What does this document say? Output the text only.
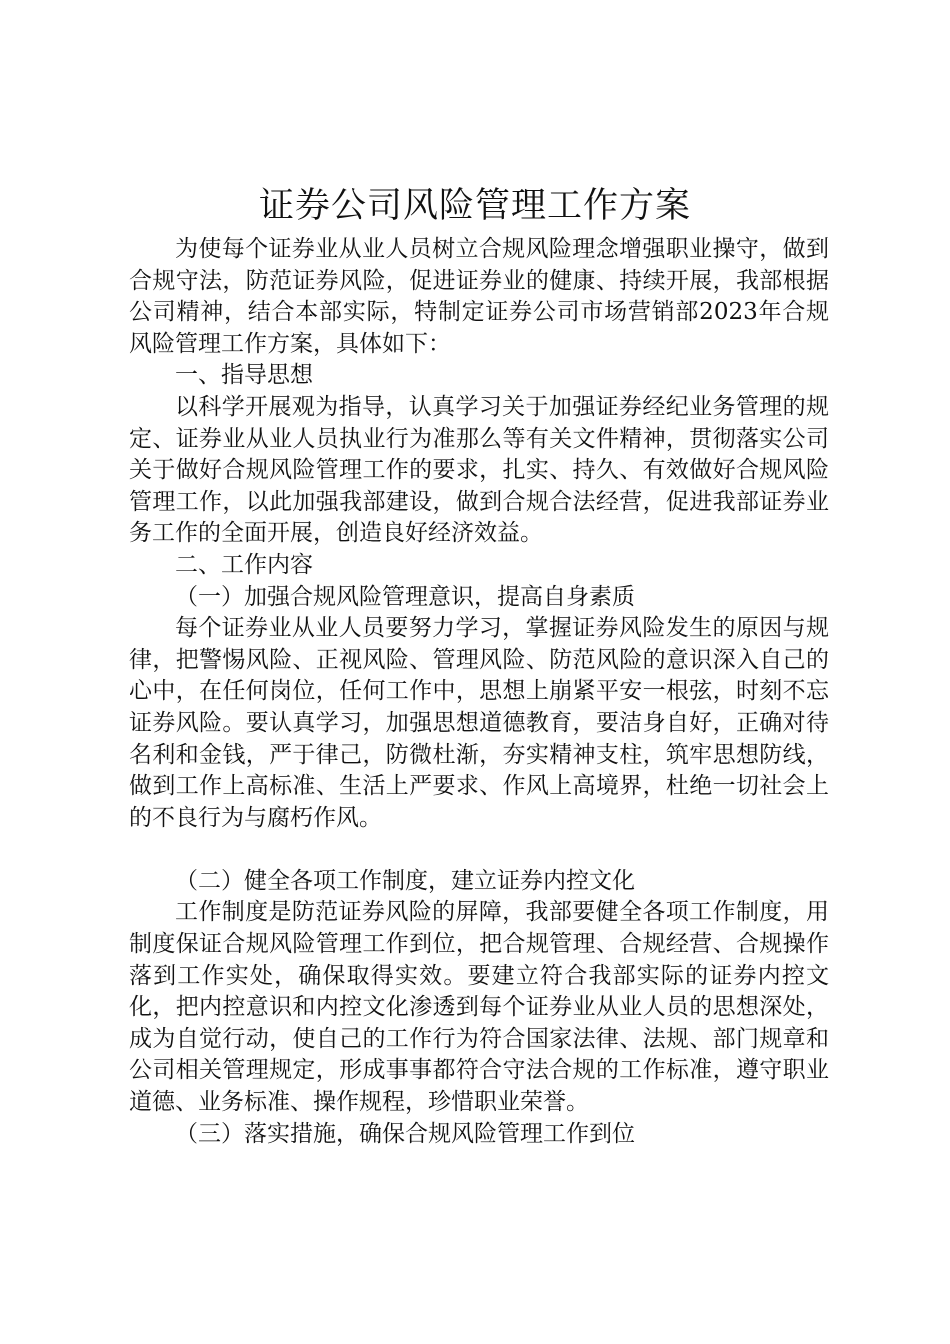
证券公司风险管理工作方案

为使每个证券业从业人员树立合规风险理念增强职业操守，做到合规守法，防范证券风险，促进证券业的健康、持续开展，我部根据公司精神，结合本部实际，特制定证券公司市场营销部2023年合规风险管理工作方案，具体如下：

一、指导思想

以科学开展观为指导，认真学习关于加强证券经纪业务管理的规定、证券业从业人员执业行为准那么等有关文件精神，贯彻落实公司关于做好合规风险管理工作的要求，扎实、持久、有效做好合规风险管理工作，以此加强我部建设，做到合规合法经营，促进我部证券业务工作的全面开展，创造良好经济效益。

二、工作内容

（一）加强合规风险管理意识，提高自身素质

每个证券业从业人员要努力学习，掌握证券风险发生的原因与规律，把警惕风险、正视风险、管理风险、防范风险的意识深入自己的心中，在任何岗位，任何工作中，思想上崩紧平安一根弦，时刻不忘证券风险。要认真学习，加强思想道德教育，要洁身自好，正确对待名利和金钱，严于律己，防微杜渐，夯实精神支柱，筑牢思想防线，做到工作上高标准、生活上严要求、作风上高境界，杜绝一切社会上的不良行为与腐朽作风。

（二）健全各项工作制度，建立证券内控文化

工作制度是防范证券风险的屏障，我部要健全各项工作制度，用制度保证合规风险管理工作到位，把合规管理、合规经营、合规操作落到工作实处，确保取得实效。要建立符合我部实际的证券内控文化，把内控意识和内控文化渗透到每个证券业从业人员的思想深处，成为自觉行动，使自己的工作行为符合国家法律、法规、部门规章和公司相关管理规定，形成事事都符合守法合规的工作标准，遵守职业道德、业务标准、操作规程，珍惜职业荣誉。

（三）落实措施，确保合规风险管理工作到位
